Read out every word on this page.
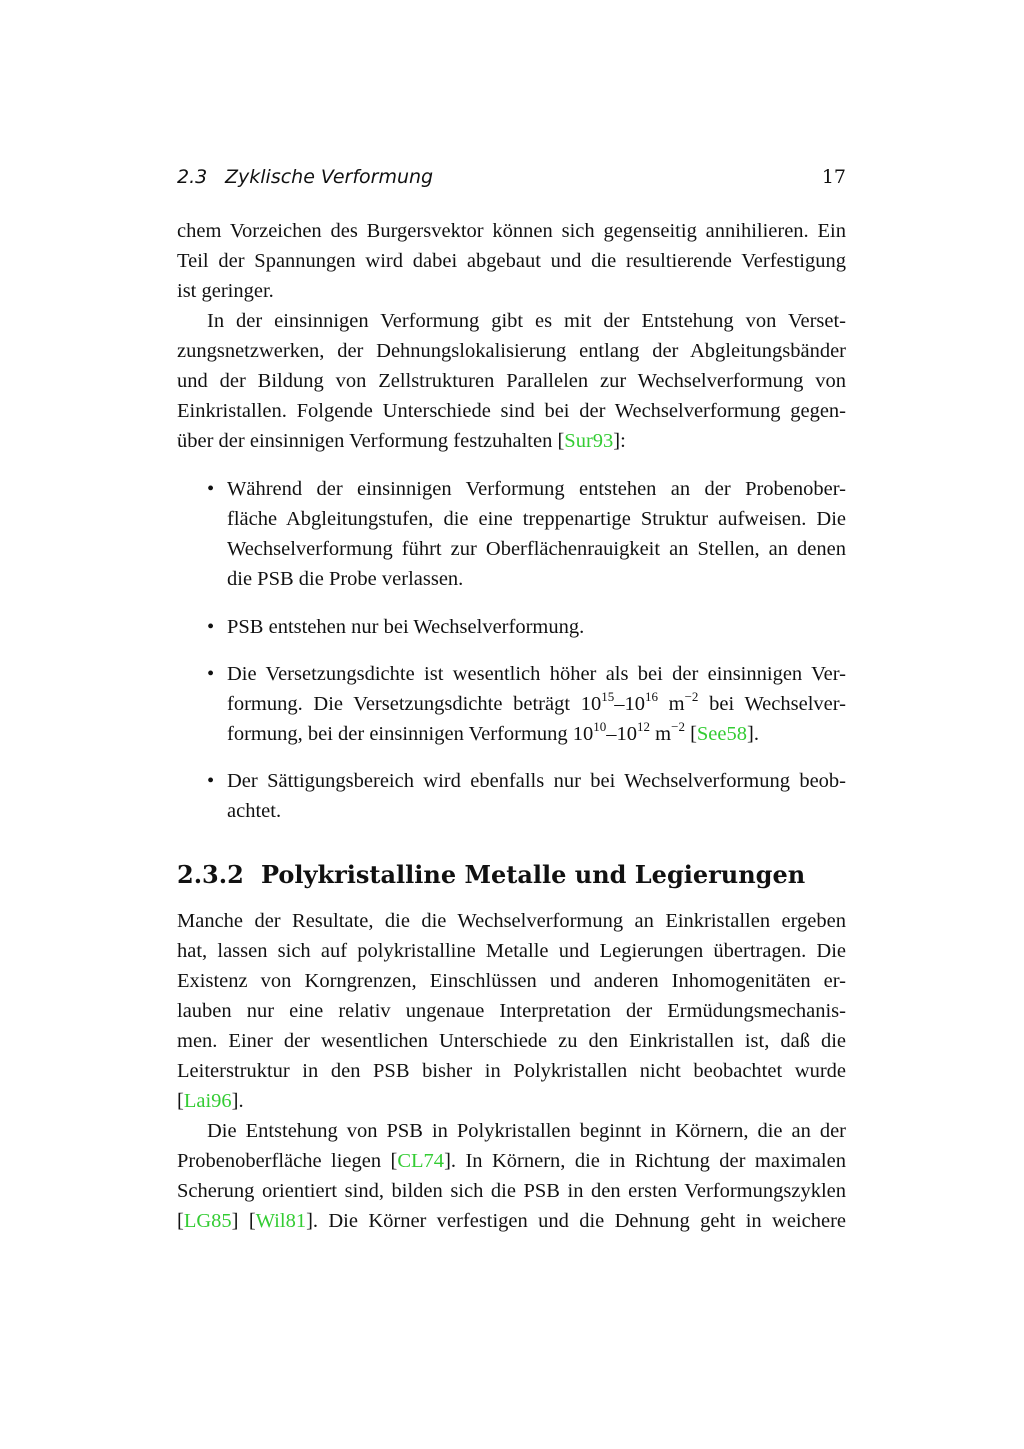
2.3 Zyklische Verformung	17
chem Vorzeichen des Burgersvektor können sich gegenseitig annihilieren. Ein
Teil der Spannungen wird dabei abgebaut und die resultierende Verfestigung
ist geringer.
In der einsinnigen Verformung gibt es mit der Entstehung von Verset-
zungsnetzwerken, der Dehnungslokalisierung entlang der Abgleitungsbänder
und der Bildung von Zellstrukturen Parallelen zur Wechselverformung von
Einkristallen. Folgende Unterschiede sind bei der Wechselverformung gegen-
über der einsinnigen Verformung festzuhalten [Sur93]:
• Während der einsinnigen Verformung entstehen an der Probenober-
fläche Abgleitungstufen, die eine treppenartige Struktur aufweisen. Die
Wechselverformung führt zur Oberflächenrauigkeit an Stellen, an denen
die PSB die Probe verlassen.
• PSB entstehen nur bei Wechselverformung.
• Die Versetzungsdichte ist wesentlich höher als bei der einsinnigen Ver-
formung. Die Versetzungsdichte beträgt $10^{15}-10^{16}$ $m^{-2}$ bei Wechselver-
formung, bei der einsinnigen Verformung $10^{10}-10^{12}$ $m^{-2}$ [See58].
• Der Sättigungsbereich wird ebenfalls nur bei Wechselverformung beob-
achtet.
2.3.2 Polykristalline Metalle und Legierungen
Manche der Resultate, die die Wechselverformung an Einkristallen ergeben
hat, lassen sich auf polykristalline Metalle und Legierungen übertragen. Die
Existenz von Korngrenzen, Einschlüssen und anderen Inhomogenitäten er-
lauben nur eine relativ ungenaue Interpretation der Ermüdungsmechanis-
men. Einer der wesentlichen Unterschiede zu den Einkristallen ist, daß die
Leiterstruktur in den PSB bisher in Polykristallen nicht beobachtet wurde
[Lai96].
Die Entstehung von PSB in Polykristallen beginnt in Körnern, die an der
Probenoberfläche liegen [CL74]. In Körnern, die in Richtung der maximalen
Scherung orientiert sind, bilden sich die PSB in den ersten Verformungszyklen
[LG85] [Wil81]. Die Körner verfestigen und die Dehnung geht in weichere
